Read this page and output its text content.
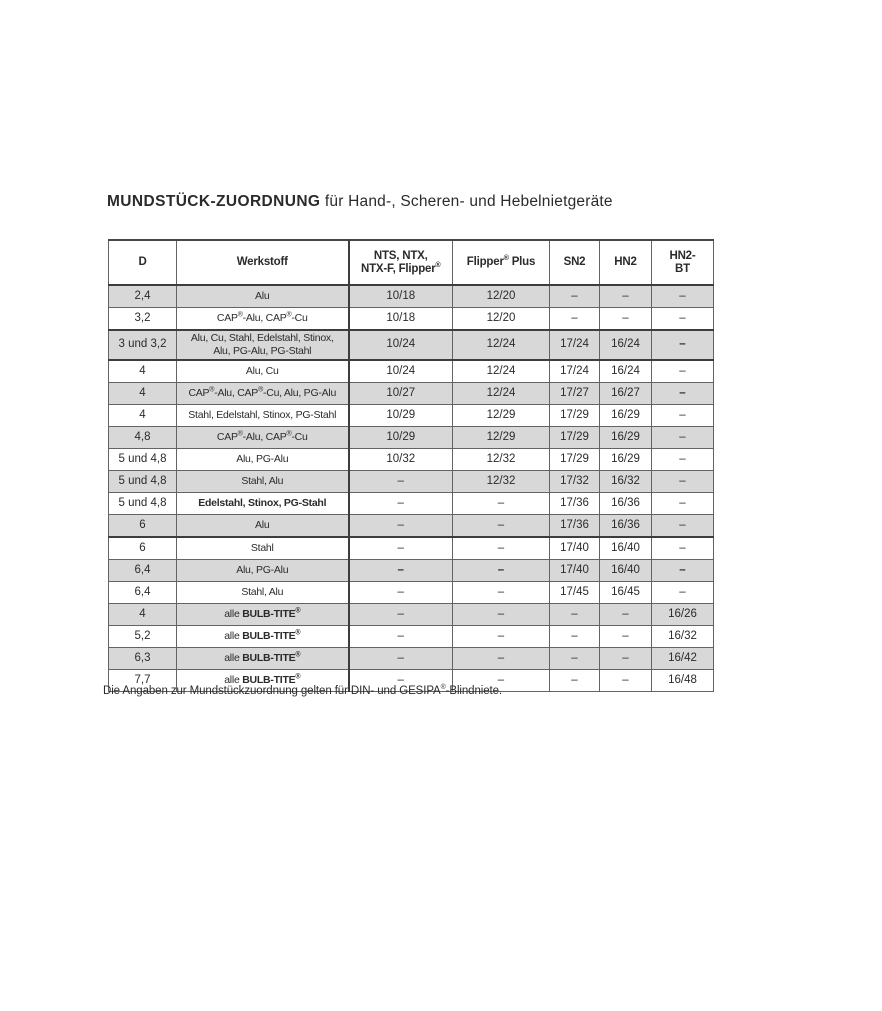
MUNDSTÜCK-ZUORDNUNG für Hand-, Scheren- und Hebelnietgeräte
D	Werkstoff	NTS, NTX,
NTX-F, Flipper®	Flipper® Plus	SN2	HN2	HN2-
BT
2,4	Alu	10/18	12/20	–	–	–
3,2	CAP®-Alu, CAP®-Cu	10/18	12/20	–	–	–
3 und 3,2	Alu, Cu, Stahl, Edelstahl, Stinox,
Alu, PG-Alu, PG-Stahl	10/24	12/24	17/24	16/24	–
4	Alu, Cu	10/24	12/24	17/24	16/24	–
4	CAP®-Alu, CAP®-Cu, Alu, PG-Alu	10/27	12/24	17/27	16/27	–
4	Stahl, Edelstahl, Stinox, PG-Stahl	10/29	12/29	17/29	16/29	–
4,8	CAP®-Alu, CAP®-Cu	10/29	12/29	17/29	16/29	–
5 und 4,8	Alu, PG-Alu	10/32	12/32	17/29	16/29	–
5 und 4,8	Stahl, Alu	–	12/32	17/32	16/32	–
5 und 4,8	Edelstahl, Stinox, PG-Stahl	–	–	17/36	16/36	–
6	Alu	–	–	17/36	16/36	–
6	Stahl	–	–	17/40	16/40	–
6,4	Alu, PG-Alu	–	–	17/40	16/40	–
6,4	Stahl, Alu	–	–	17/45	16/45	–
4	alle BULB-TITE®	–	–	–	–	16/26
5,2	alle BULB-TITE®	–	–	–	–	16/32
6,3	alle BULB-TITE®	–	–	–	–	16/42
7,7	alle BULB-TITE®	–	–	–	–	16/48
Die Angaben zur Mundstückzuordnung gelten für DIN- und GESIPA®-Blindniete.
